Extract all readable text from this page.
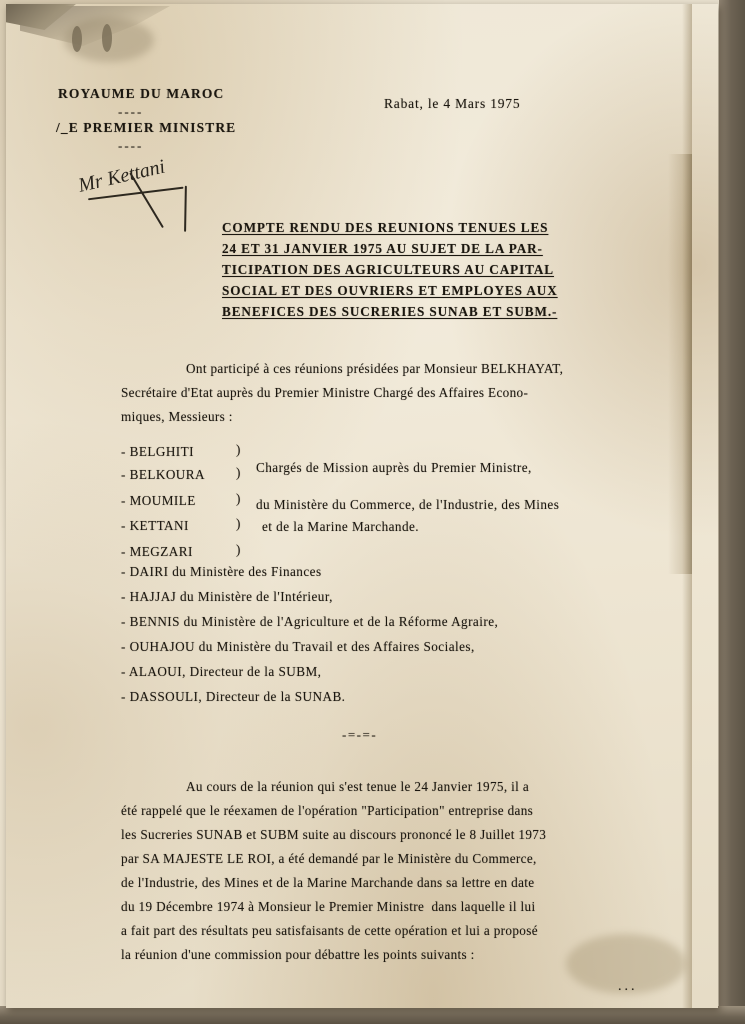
ROYAUME DU MAROC
----
/_E PREMIER MINISTRE
----
Rabat, le 4 Mars 1975
Mr Kettani
COMPTE RENDU DES REUNIONS TENUES LES
24 ET 31 JANVIER 1975 AU SUJET DE LA PAR-
TICIPATION DES AGRICULTEURS AU CAPITAL
SOCIAL ET DES OUVRIERS ET EMPLOYES AUX
BENEFICES DES SUCRERIES SUNAB ET SUBM.-
Ont participé à ces réunions présidées par Monsieur BELKHAYAT,
Secrétaire d'Etat auprès du Premier Ministre Chargé des Affaires Econo-
miques, Messieurs :
- BELGHITI	)
- BELKOURA ) Chargés de Mission auprès du Premier Ministre,
- MOUMILE	)
- KETTANI	)
du Ministère du Commerce, de l'Industrie, des Mines
- MEGZARI	)
et de la Marine Marchande.
- DAIRI du Ministère des Finances
- HAJJAJ du Ministère de l'Intérieur,
- BENNIS du Ministère de l'Agriculture et de la Réforme Agraire,
- OUHAJOU du Ministère du Travail et des Affaires Sociales,
- ALAOUI, Directeur de la SUBM,
- DASSOULI, Directeur de la SUNAB.
-=-=-
Au cours de la réunion qui s'est tenue le 24 Janvier 1975, il a
été rappelé que le réexamen de l'opération "Participation" entreprise dans
les Sucreries SUNAB et SUBM suite au discours prononcé le 8 Juillet 1973
par SA MAJESTE LE ROI, a été demandé par le Ministère du Commerce,
de l'Industrie, des Mines et de la Marine Marchande dans sa lettre en date
du 19 Décembre 1974 à Monsieur le Premier Ministre  dans laquelle il lui
a fait part des résultats peu satisfaisants de cette opération et lui a proposé
la réunion d'une commission pour débattre les points suivants :
...
